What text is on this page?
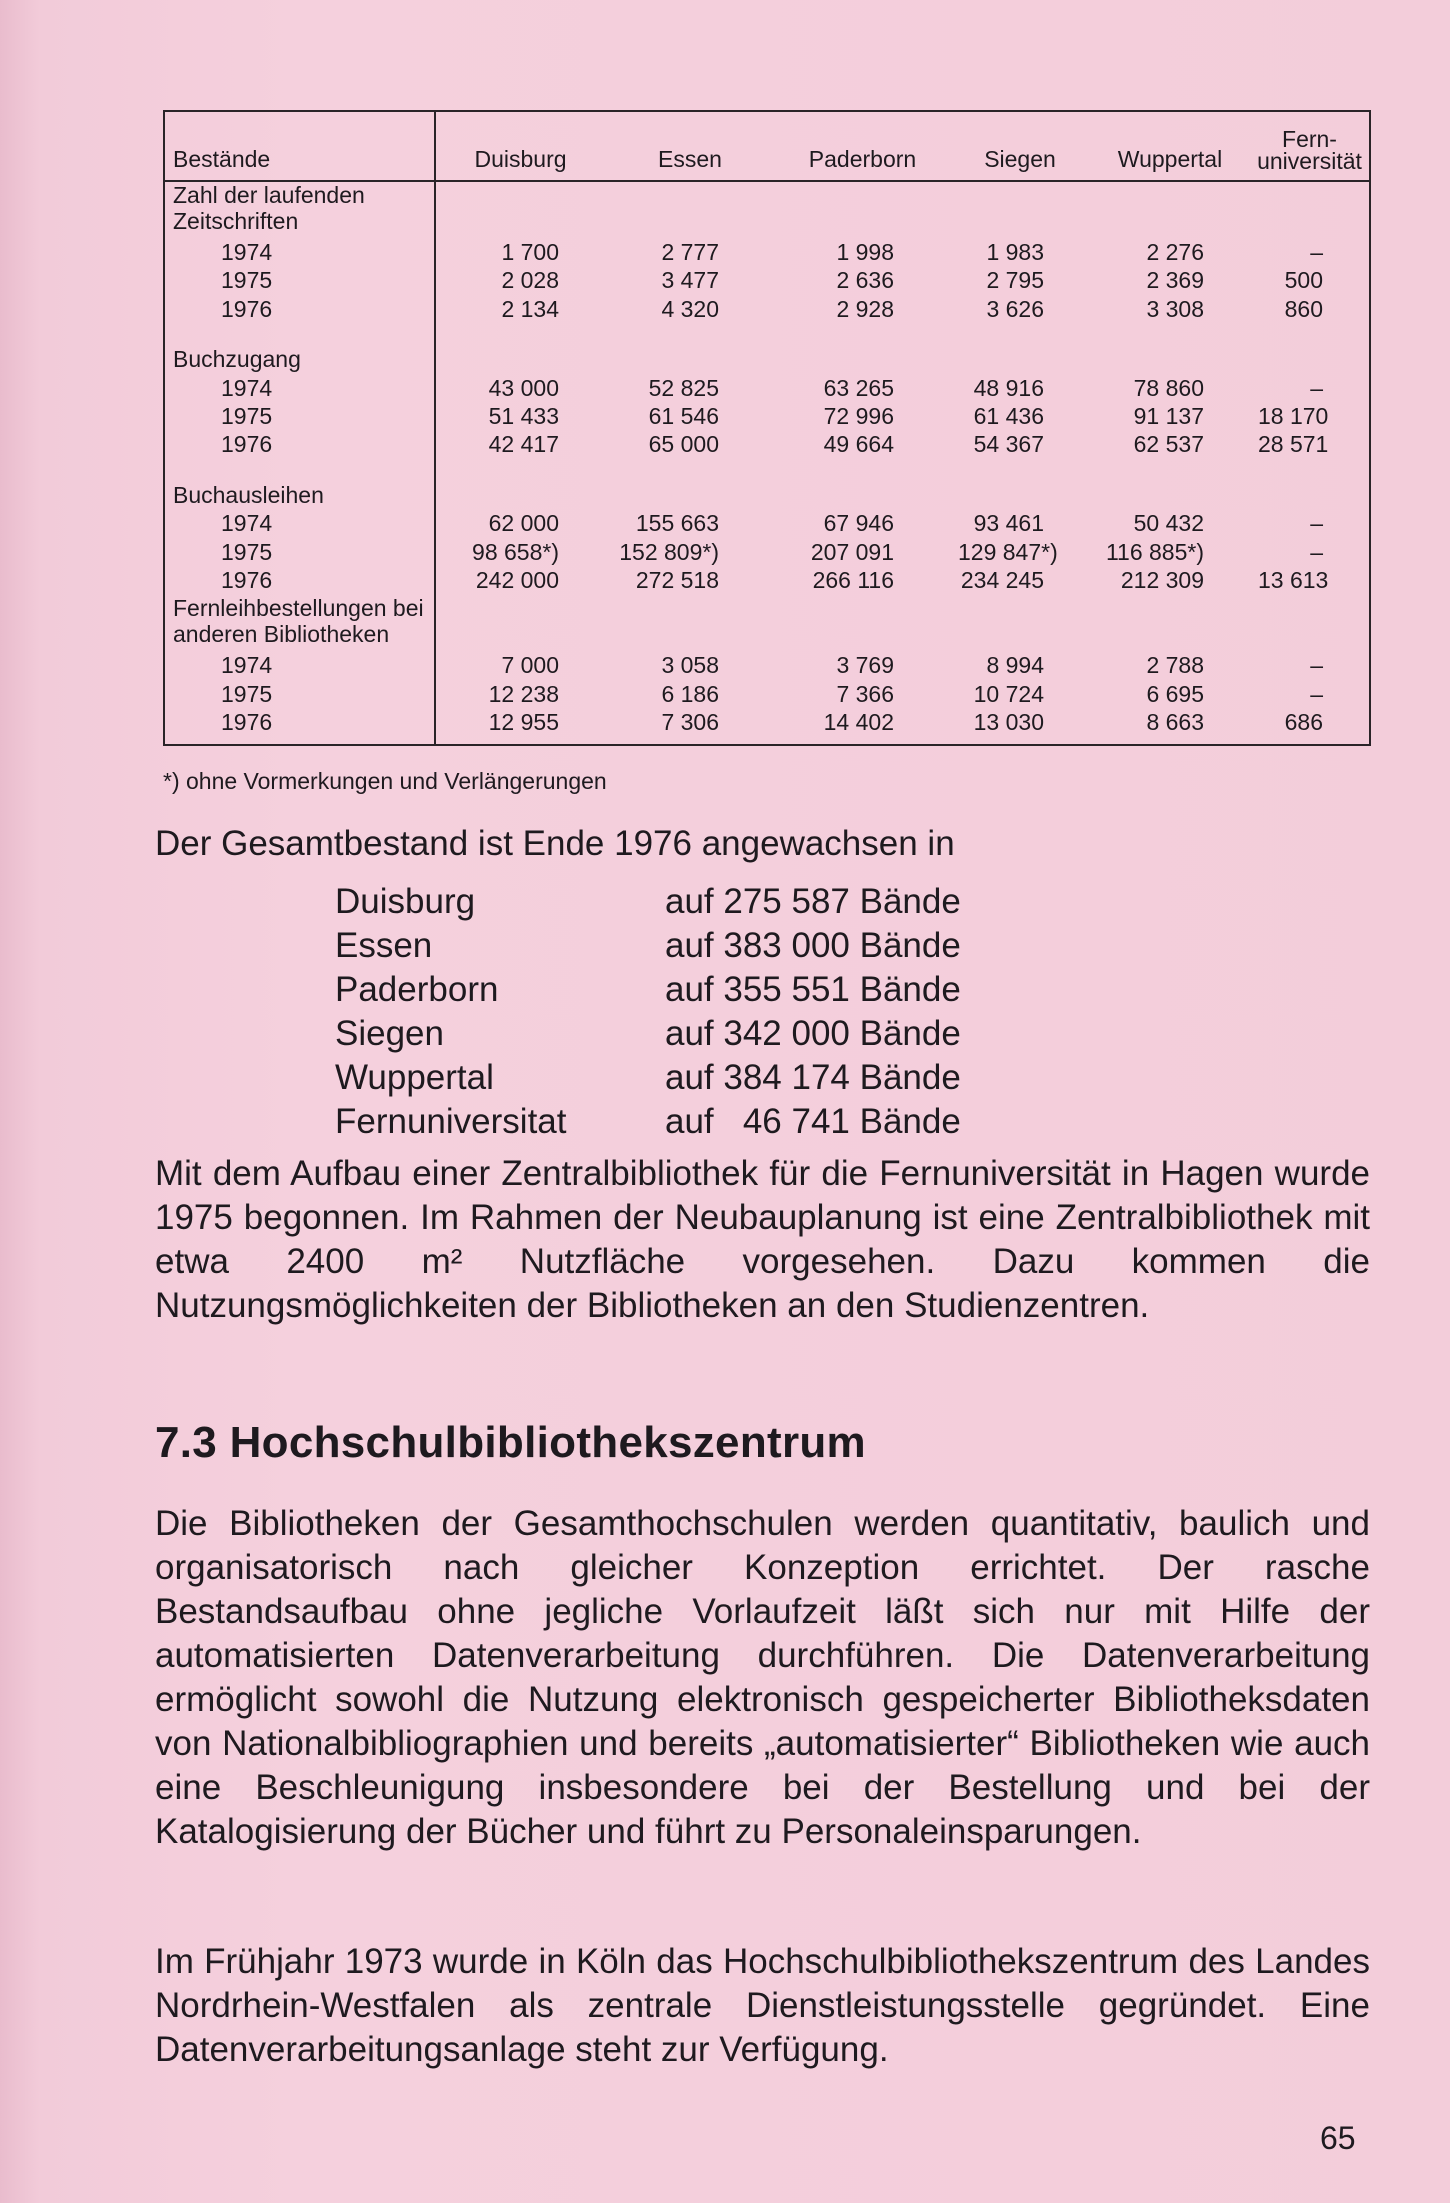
Bestände	Duisburg	Essen	Paderborn	Siegen	Wuppertal	Fern-
universität
Zahl der laufenden Zeitschriften						
1974	1 700	2 777	1 998	1 983	2 276	–
1975	2 028	3 477	2 636	2 795	2 369	500
1976	2 134	4 320	2 928	3 626	3 308	860

Buchzugang						
1974	43 000	52 825	63 265	48 916	78 860	–
1975	51 433	61 546	72 996	61 436	91 137	18 170
1976	42 417	65 000	49 664	54 367	62 537	28 571

Buchausleihen						
1974	62 000	155 663	67 946	93 461	50 432	–
1975	98 658*)	152 809*)	207 091	129 847*)	116 885*)	–
1976	242 000	272 518	266 116	234 245	212 309	13 613
Fernleihbestellungen bei anderen Bibliotheken						
1974	7 000	3 058	3 769	8 994	2 788	–
1975	12 238	6 186	7 366	10 724	6 695	–
1976	12 955	7 306	14 402	13 030	8 663	686
*) ohne Vormerkungen und Verlängerungen
Der Gesamtbestand ist Ende 1976 angewachsen in
Duisburg	auf 275 587 Bände
Essen	auf 383 000 Bände
Paderborn	auf 355 551 Bände
Siegen	auf 342 000 Bände
Wuppertal	auf 384 174 Bände
Fernuniversitat	auf   46 741 Bände
Mit dem Aufbau einer Zentralbibliothek für die Fernuniversität in Hagen wurde 1975 begonnen. Im Rahmen der Neubauplanung ist eine Zentralbibliothek mit etwa 2400 m² Nutzfläche vorgesehen. Dazu kommen die Nutzungsmöglichkeiten der Bibliotheken an den Studienzentren.
7.3 Hochschulbibliothekszentrum
Die Bibliotheken der Gesamthochschulen werden quantitativ, baulich und organisatorisch nach gleicher Konzeption errichtet. Der rasche Bestandsaufbau ohne jegliche Vorlaufzeit läßt sich nur mit Hilfe der automatisierten Datenverarbeitung durchführen. Die Datenverarbeitung ermöglicht sowohl die Nutzung elektronisch gespeicherter Bibliotheksdaten von Nationalbibliographien und bereits „automatisierter“ Bibliotheken wie auch eine Beschleunigung insbesondere bei der Bestellung und bei der Katalogisierung der Bücher und führt zu Personaleinsparungen.
Im Frühjahr 1973 wurde in Köln das Hochschulbibliothekszentrum des Landes Nordrhein-Westfalen als zentrale Dienstleistungsstelle gegründet. Eine Datenverarbeitungsanlage steht zur Verfügung.
65
